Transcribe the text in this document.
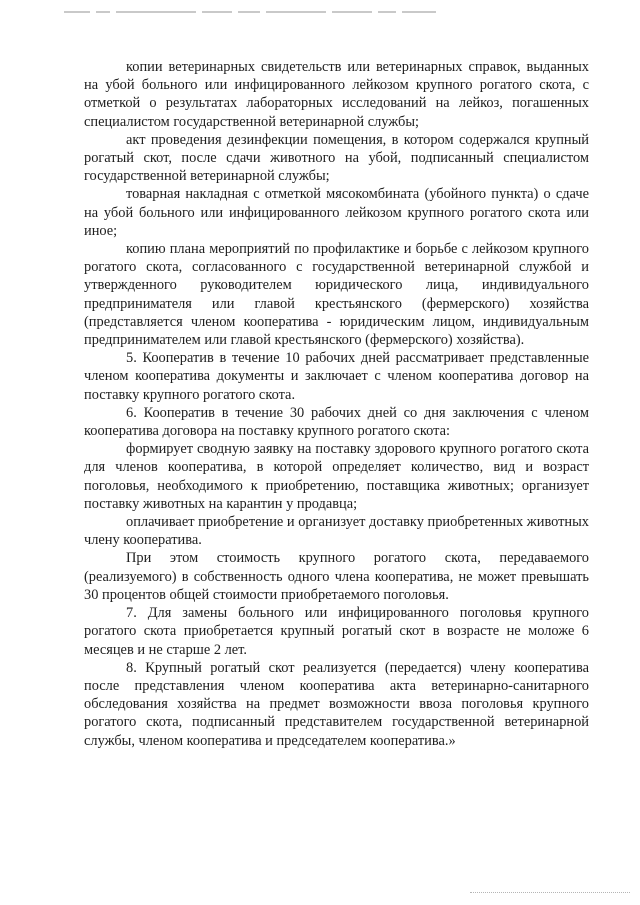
копии ветеринарных свидетельств или ветеринарных справок, выданных на убой больного или инфицированного лейкозом крупного рогатого скота, с отметкой о результатах лабораторных исследований на лейкоз, погашенных специалистом государственной ветеринарной службы;

акт проведения дезинфекции помещения, в котором содержался крупный рогатый скот, после сдачи животного на убой, подписанный специалистом государственной ветеринарной службы;

товарная накладная с отметкой мясокомбината (убойного пункта) о сдаче на убой больного или инфицированного лейкозом крупного рогатого скота или иное;

копию плана мероприятий по профилактике и борьбе с лейкозом крупного рогатого скота, согласованного с государственной ветеринарной службой и утвержденного руководителем юридического лица, индивидуального предпринимателя или главой крестьянского (фермерского) хозяйства (представляется членом кооператива - юридическим лицом, индивидуальным предпринимателем или главой крестьянского (фермерского) хозяйства).

5. Кооператив в течение 10 рабочих дней рассматривает представленные членом кооператива документы и заключает с членом кооператива договор на поставку крупного рогатого скота.

6. Кооператив в течение 30 рабочих дней со дня заключения с членом кооператива договора на поставку крупного рогатого скота:

формирует сводную заявку на поставку здорового крупного рогатого скота для членов кооператива, в которой определяет количество, вид и возраст поголовья, необходимого к приобретению, поставщика животных; организует поставку животных на карантин у продавца;

оплачивает приобретение и организует доставку приобретенных животных члену кооператива.

При этом стоимость крупного рогатого скота, передаваемого (реализуемого) в собственность одного члена кооператива, не может превышать 30 процентов общей стоимости приобретаемого поголовья.

7. Для замены больного или инфицированного поголовья крупного рогатого скота приобретается крупный рогатый скот в возрасте не моложе 6 месяцев и не старше 2 лет.

8. Крупный рогатый скот реализуется (передается) члену кооператива после представления членом кооператива акта ветеринарно-санитарного обследования хозяйства на предмет возможности ввоза поголовья крупного рогатого скота, подписанный представителем государственной ветеринарной службы, членом кооператива и председателем кооператива.»
